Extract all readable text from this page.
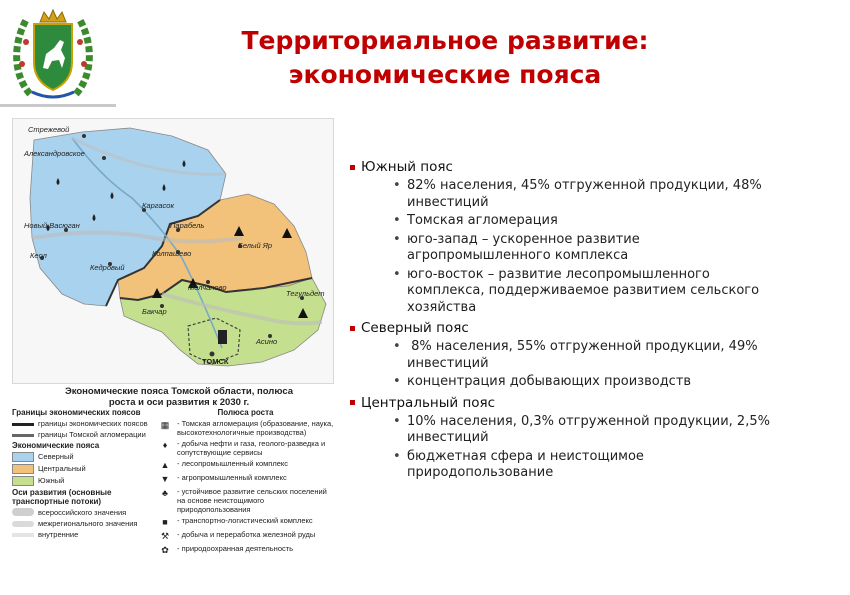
Территориальное развитие:
экономические пояса
Стрежевой
Александровское
Каргасок
Парабель
Новый Васюган
Кедровый
Колпашево
Белый Яр
Кеол
Молчаново
Бакчар
Тегульдет
Асино
ТОМСК
Экономические пояса Томской области, полюса роста и оси развития к 2030 г.
Границы экономических поясов
границы экономических поясов
границы Томской агломерации
Экономические пояса
Северный
Центральный
Южный
Оси развития (основные транспортные потоки)
всероссийского значения
межрегионального значения
внутренние
Полюса роста
▦	- Томская агломерация (образование, наука, высокотехнологичные производства)
♦	- добыча нефти и газа, геолого-разведка и сопутствующие сервисы
▲	- лесопромышленный комплекс
▼	- агропромышленный комплекс
♣	- устойчивое развитие сельских поселений на основе неистощимого природопользования
■	- транспортно-логистический комплекс
⚒	- добыча и переработка железной руды
✿	- природоохранная деятельность
Южный пояс
• 82% населения, 45% отгруженной продукции, 48% инвестиций
• Томская агломерация
• юго-запад – ускоренное развитие агропромышленного комплекса
• юго-восток – развитие лесопромышленного комплекса, поддерживаемое развитием сельского хозяйства
Северный пояс
• 8% населения, 55% отгруженной продукции, 49% инвестиций
• концентрация добывающих производств
Центральный пояс
• 10% населения, 0,3% отгруженной продукции, 2,5% инвестиций
• бюджетная сфера и неистощимое природопользование
